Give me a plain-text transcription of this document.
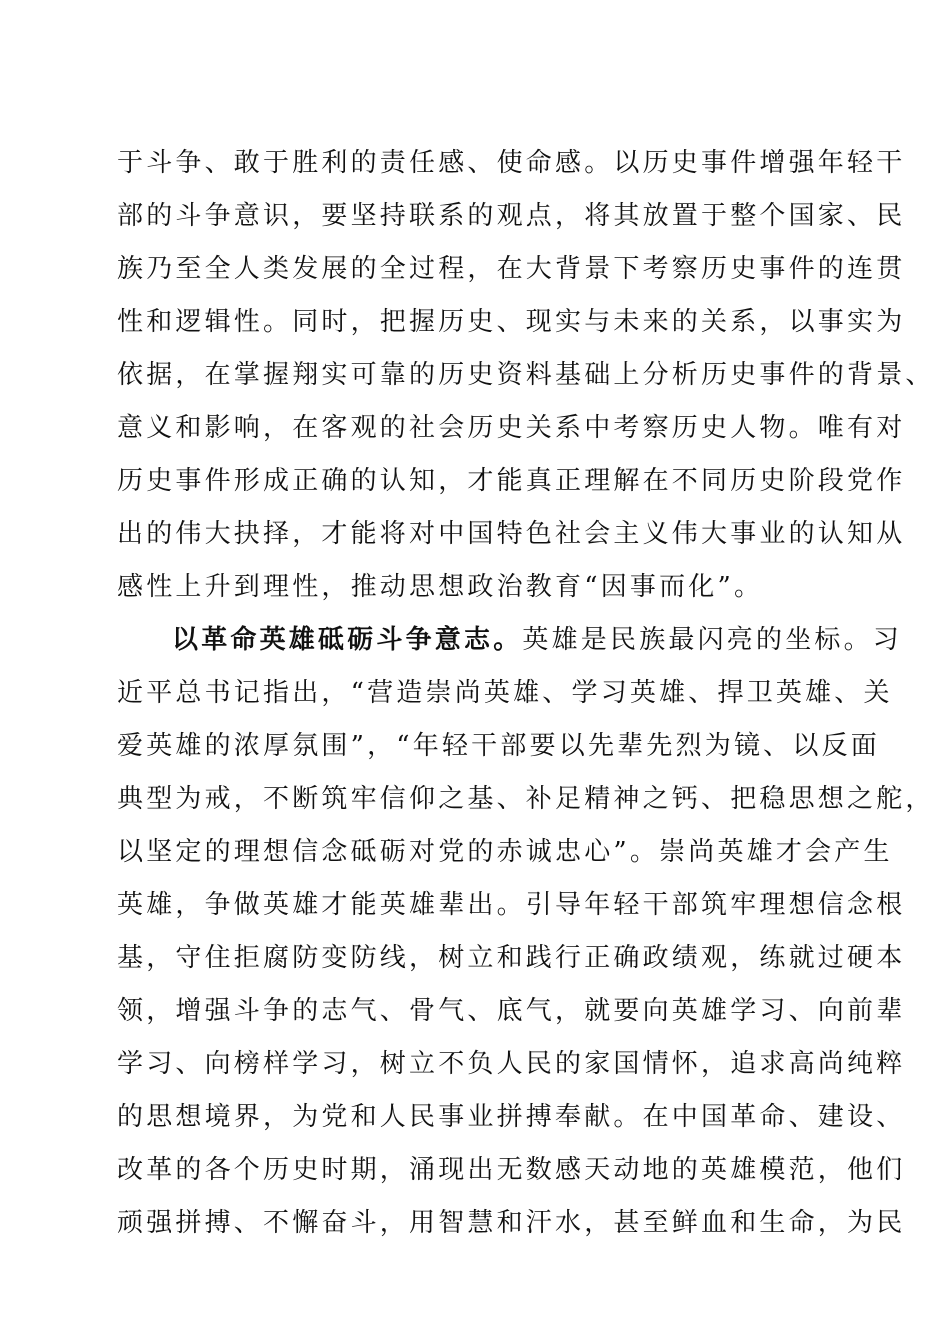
于斗争、敢于胜利的责任感、使命感。以历史事件增强年轻干
部的斗争意识，要坚持联系的观点，将其放置于整个国家、民
族乃至全人类发展的全过程，在大背景下考察历史事件的连贯
性和逻辑性。同时，把握历史、现实与未来的关系，以事实为
依据，在掌握翔实可靠的历史资料基础上分析历史事件的背景、
意义和影响，在客观的社会历史关系中考察历史人物。唯有对
历史事件形成正确的认知，才能真正理解在不同历史阶段党作
出的伟大抉择，才能将对中国特色社会主义伟大事业的认知从
感性上升到理性，推动思想政治教育“因事而化”。
以革命英雄砥砺斗争意志。英雄是民族最闪亮的坐标。习
近平总书记指出，“营造崇尚英雄、学习英雄、捍卫英雄、关
爱英雄的浓厚氛围”，“年轻干部要以先辈先烈为镜、以反面
典型为戒，不断筑牢信仰之基、补足精神之钙、把稳思想之舵，
以坚定的理想信念砥砺对党的赤诚忠心”。崇尚英雄才会产生
英雄，争做英雄才能英雄辈出。引导年轻干部筑牢理想信念根
基，守住拒腐防变防线，树立和践行正确政绩观，练就过硬本
领，增强斗争的志气、骨气、底气，就要向英雄学习、向前辈
学习、向榜样学习，树立不负人民的家国情怀，追求高尚纯粹
的思想境界，为党和人民事业拼搏奉献。在中国革命、建设、
改革的各个历史时期，涌现出无数感天动地的英雄模范，他们
顽强拼搏、不懈奋斗，用智慧和汗水，甚至鲜血和生命，为民
